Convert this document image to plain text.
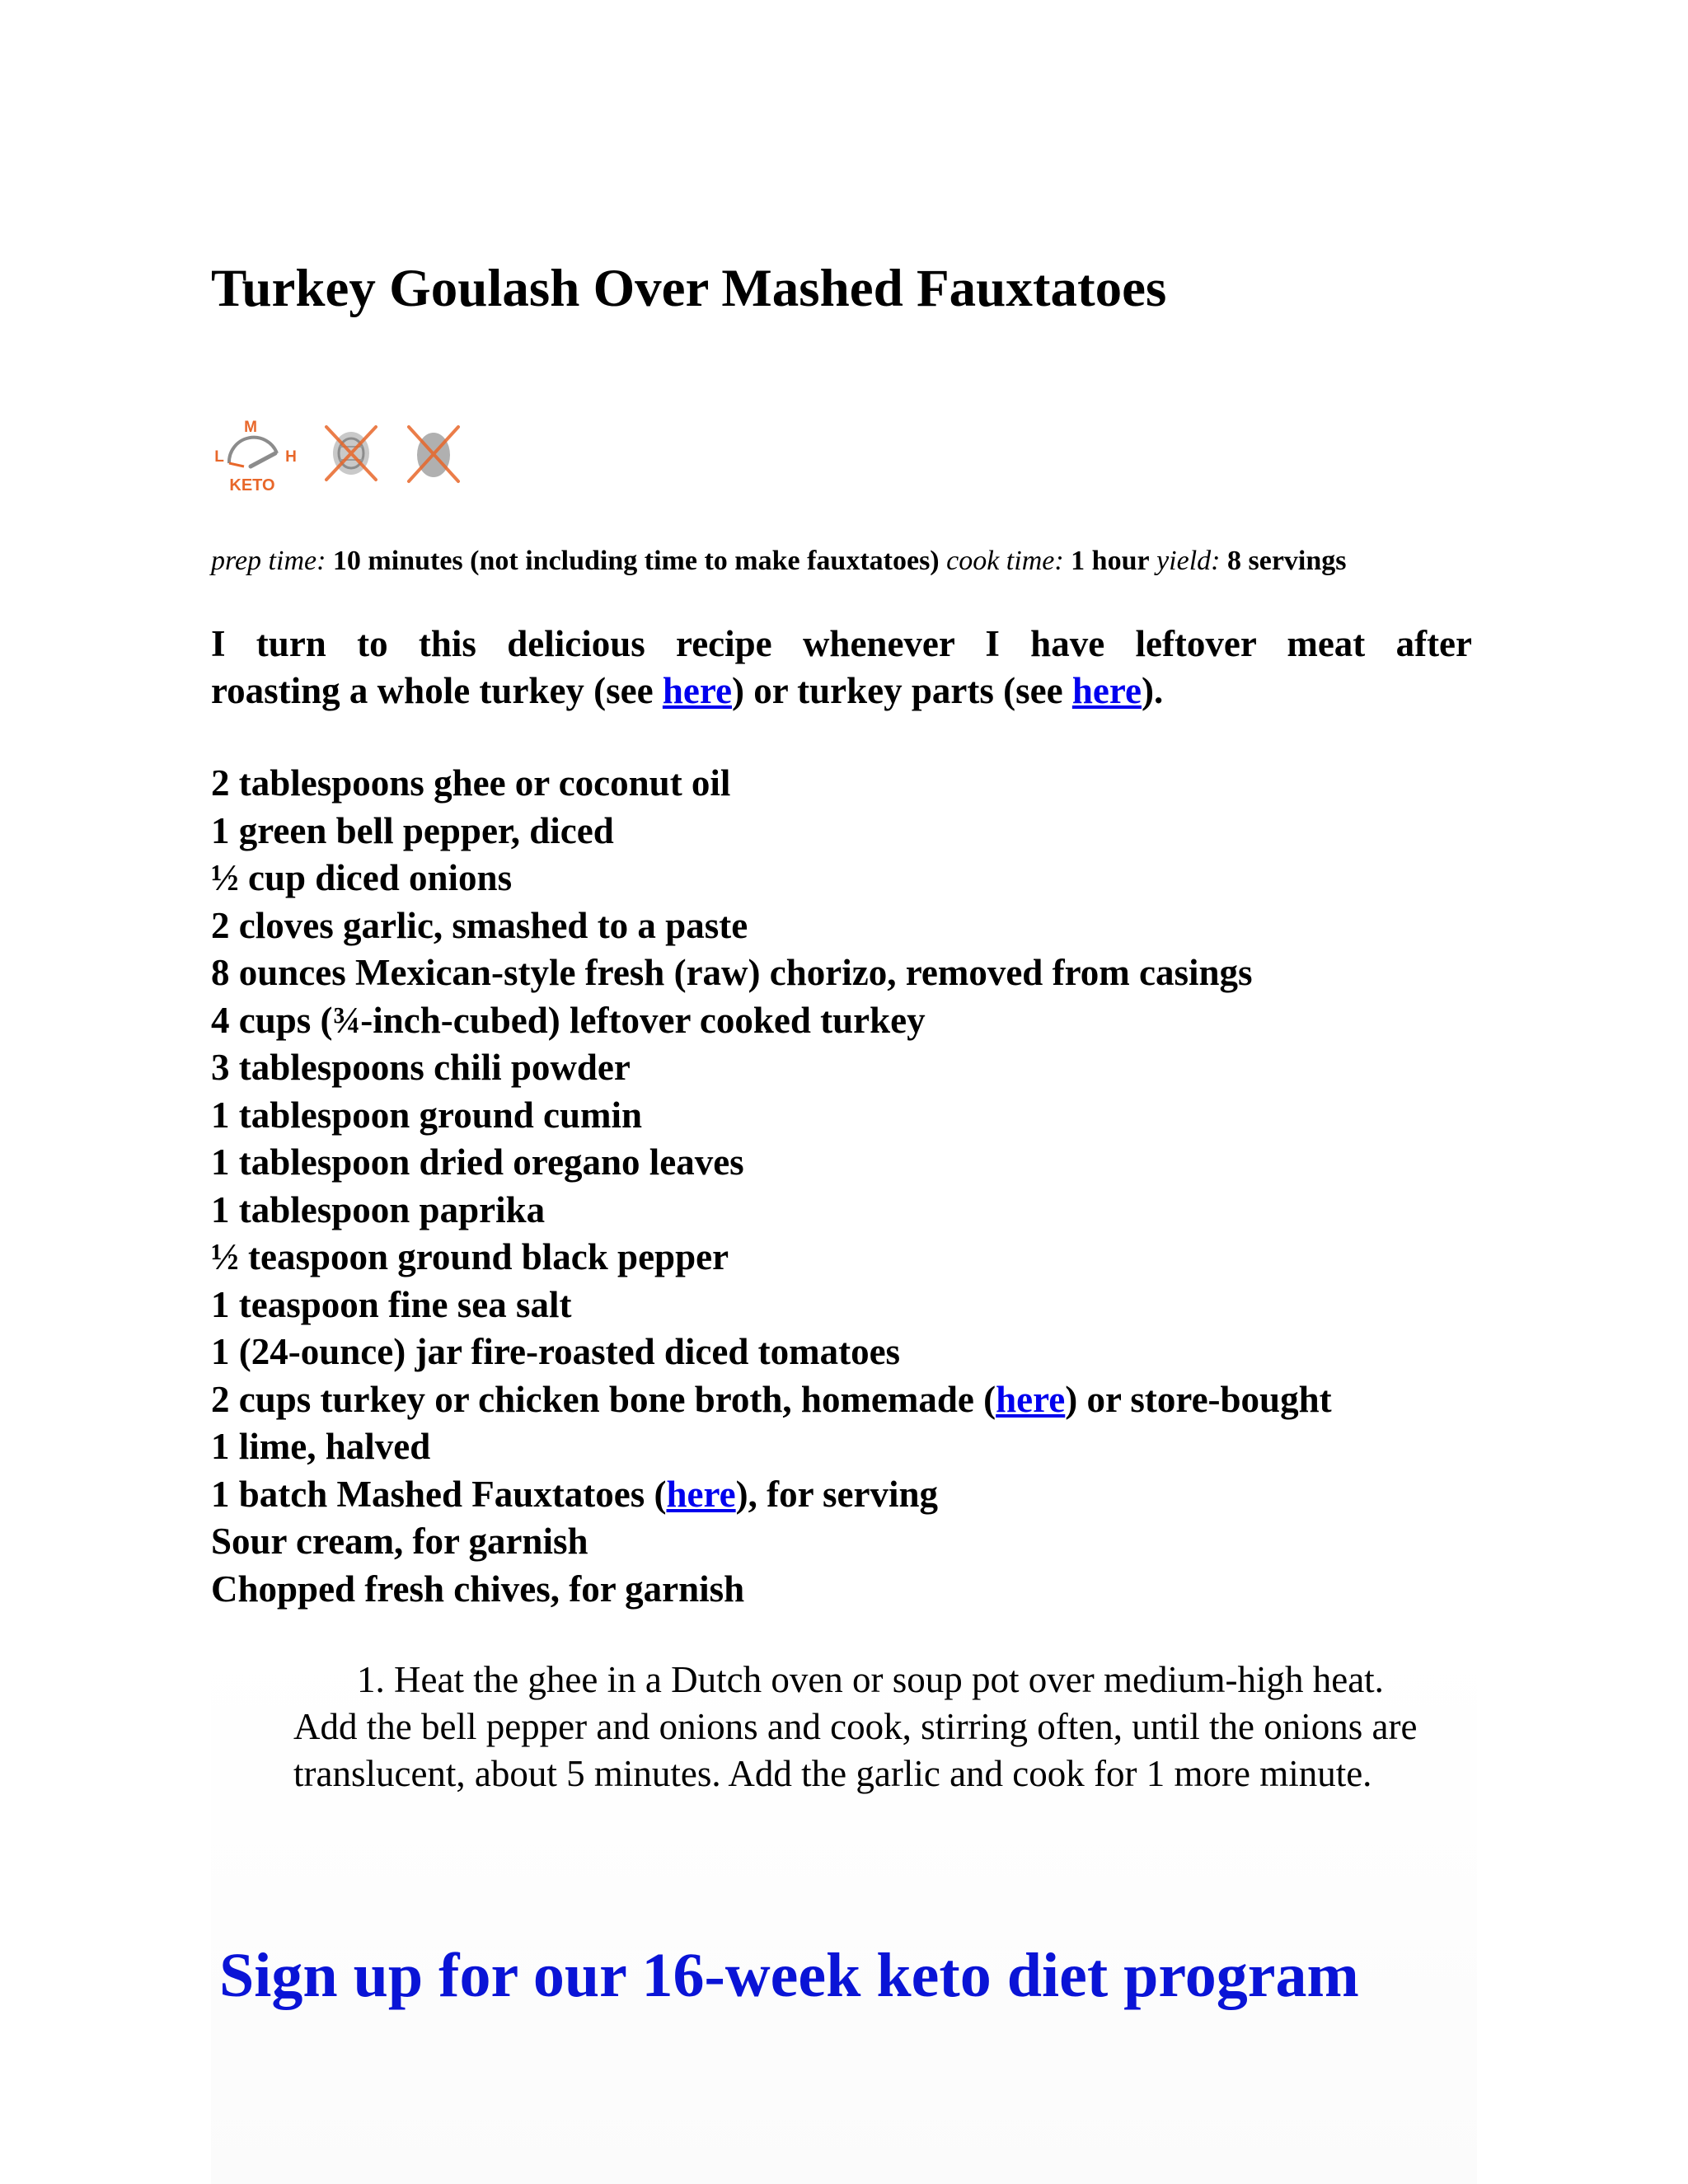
Turkey Goulash Over Mashed Fauxtatoes
M
L	H
KETO
prep time: 10 minutes (not including time to make fauxtatoes) cook time: 1 hour yield: 8 servings

I turn to this delicious recipe whenever I have leftover meat after
roasting a whole turkey (see here) or turkey parts (see here).

2 tablespoons ghee or coconut oil
1 green bell pepper, diced
½ cup diced onions
2 cloves garlic, smashed to a paste
8 ounces Mexican-style fresh (raw) chorizo, removed from casings
4 cups (¾-inch-cubed) leftover cooked turkey
3 tablespoons chili powder
1 tablespoon ground cumin
1 tablespoon dried oregano leaves
1 tablespoon paprika
½ teaspoon ground black pepper
1 teaspoon fine sea salt
1 (24-ounce) jar fire-roasted diced tomatoes
2 cups turkey or chicken bone broth, homemade (here) or store-bought
1 lime, halved
1 batch Mashed Fauxtatoes (here), for serving
Sour cream, for garnish
Chopped fresh chives, for garnish
1. Heat the ghee in a Dutch oven or soup pot over medium-high heat. Add the bell pepper and onions and cook, stirring often, until the onions are translucent, about 5 minutes. Add the garlic and cook for 1 more minute.

Sign up for our 16-week keto diet program
